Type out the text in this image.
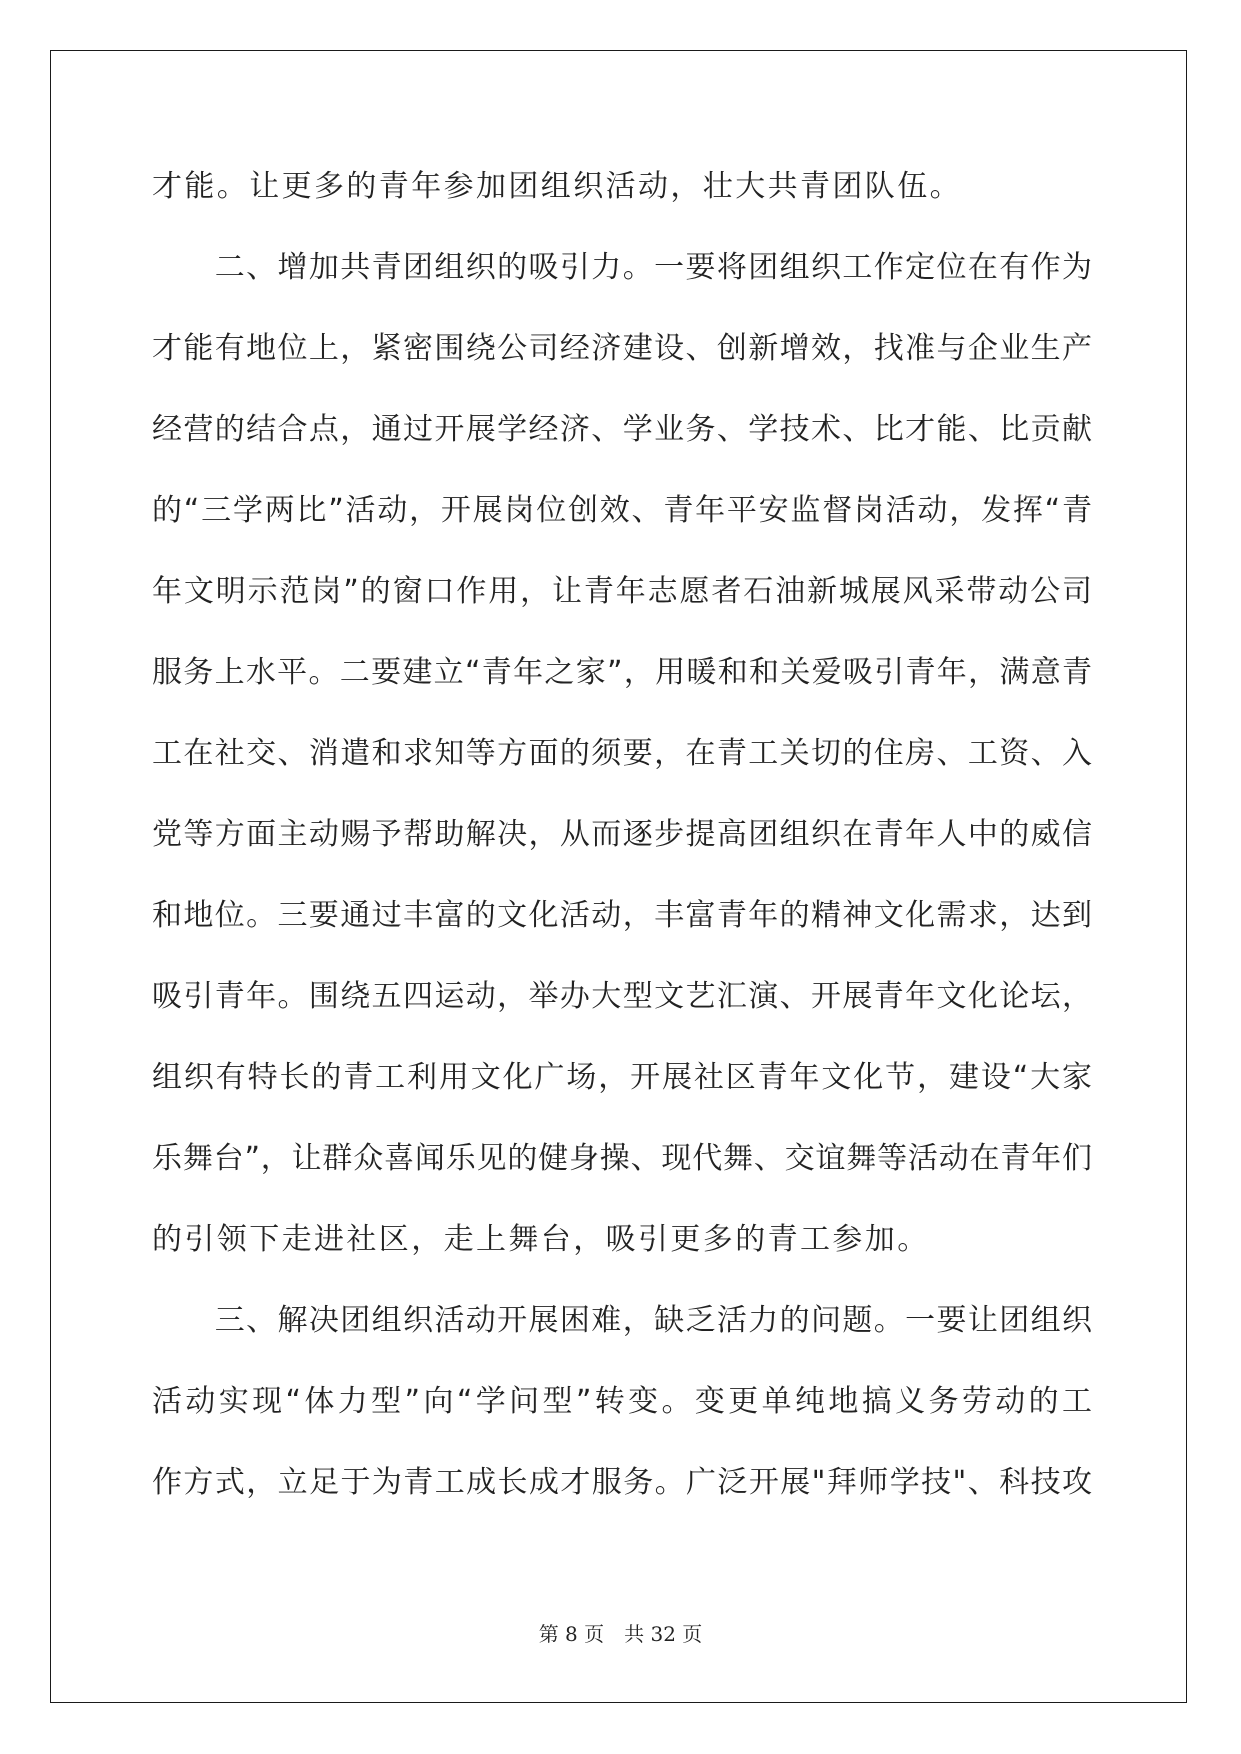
才能。让更多的青年参加团组织活动，壮大共青团队伍。
　　二、增加共青团组织的吸引力。一要将团组织工作定位在有作为
才能有地位上，紧密围绕公司经济建设、创新增效，找准与企业生产
经营的结合点，通过开展学经济、学业务、学技术、比才能、比贡献
的“三学两比”活动，开展岗位创效、青年平安监督岗活动，发挥“青
年文明示范岗”的窗口作用，让青年志愿者石油新城展风采带动公司
服务上水平。二要建立“青年之家”，用暖和和关爱吸引青年，满意青
工在社交、消遣和求知等方面的须要，在青工关切的住房、工资、入
党等方面主动赐予帮助解决，从而逐步提高团组织在青年人中的威信
和地位。三要通过丰富的文化活动，丰富青年的精神文化需求，达到
吸引青年。围绕五四运动，举办大型文艺汇演、开展青年文化论坛，
组织有特长的青工利用文化广场，开展社区青年文化节，建设“大家
乐舞台”，让群众喜闻乐见的健身操、现代舞、交谊舞等活动在青年们
的引领下走进社区，走上舞台，吸引更多的青工参加。
　　三、解决团组织活动开展困难，缺乏活力的问题。一要让团组织
活动实现“体力型”向“学问型”转变。变更单纯地搞义务劳动的工
作方式，立足于为青工成长成才服务。广泛开展"拜师学技"、科技攻
第 8 页　共 32 页
